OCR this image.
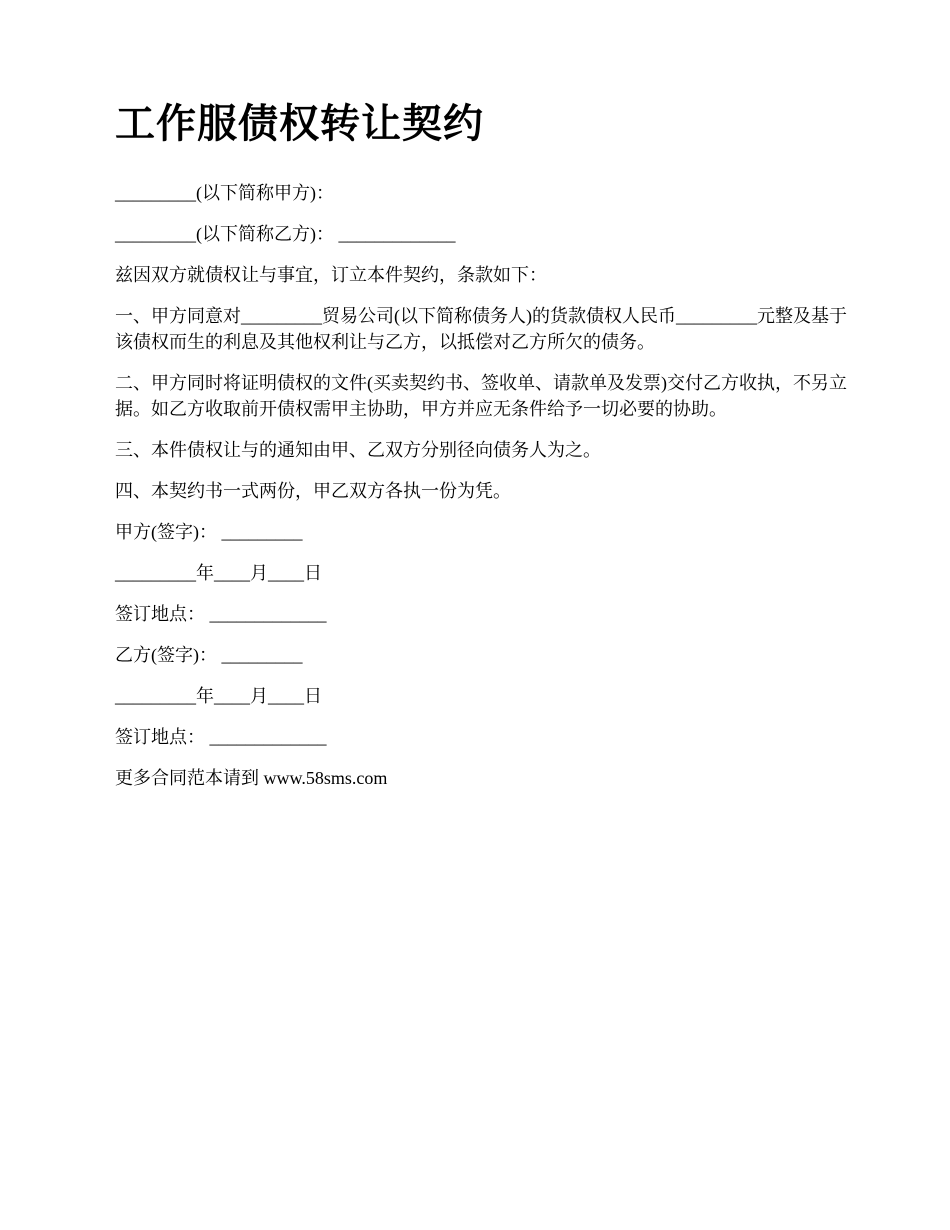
工作服债权转让契约

_________(以下简称甲方)：

_________(以下简称乙方)： _____________

兹因双方就债权让与事宜，订立本件契约，条款如下：

一、甲方同意对_________贸易公司(以下简称债务人)的货款债权人民币_________元整及基于该债权而生的利息及其他权利让与乙方，以抵偿对乙方所欠的债务。

二、甲方同时将证明债权的文件(买卖契约书、签收单、请款单及发票)交付乙方收执，不另立据。如乙方收取前开债权需甲主协助，甲方并应无条件给予一切必要的协助。

三、本件债权让与的通知由甲、乙双方分别径向债务人为之。

四、本契约书一式两份，甲乙双方各执一份为凭。

甲方(签字)： _________

_________年____月____日

签订地点： _____________

乙方(签字)： _________

_________年____月____日

签订地点： _____________

更多合同范本请到 www.58sms.com
